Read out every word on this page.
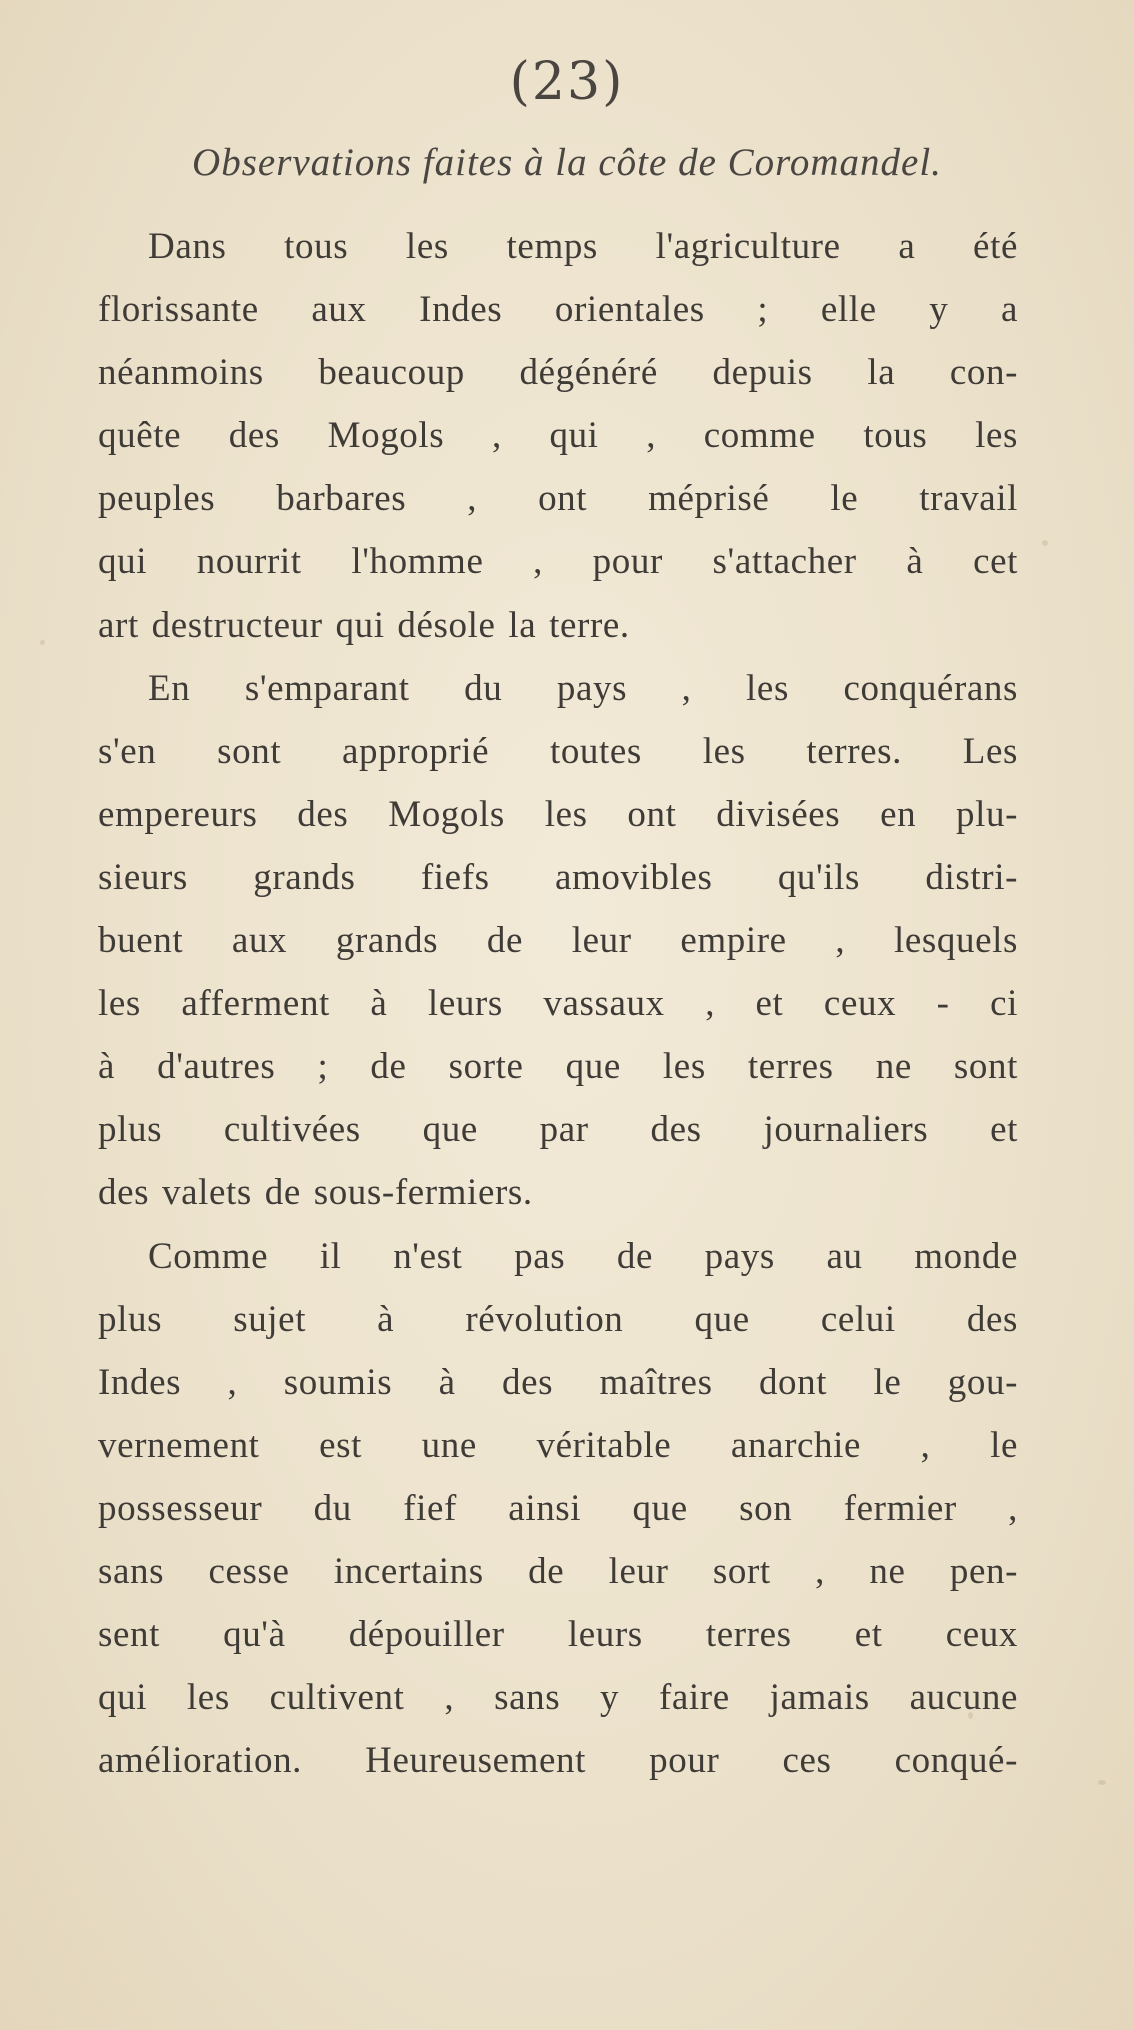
(23)
Observations faites à la côte de Coromandel.
Dans tous les temps l'agriculture a été
florissante aux Indes orientales ; elle y a
néanmoins beaucoup dégénéré depuis la con-
quête des Mogols , qui , comme tous les
peuples barbares , ont méprisé le travail
qui nourrit l'homme , pour s'attacher à cet
art destructeur qui désole la terre.
En s'emparant du pays , les conquérans
s'en sont approprié toutes les terres. Les
empereurs des Mogols les ont divisées en plu-
sieurs grands fiefs amovibles qu'ils distri-
buent aux grands de leur empire , lesquels
les afferment à leurs vassaux , et ceux - ci
à d'autres ; de sorte que les terres ne sont
plus cultivées que par des journaliers et
des valets de sous-fermiers.
Comme il n'est pas de pays au monde
plus sujet à révolution que celui des
Indes , soumis à des maîtres dont le gou-
vernement est une véritable anarchie , le
possesseur du fief ainsi que son fermier ,
sans cesse incertains de leur sort , ne pen-
sent qu'à dépouiller leurs terres et ceux
qui les cultivent , sans y faire jamais aucune
amélioration. Heureusement pour ces conqué-
